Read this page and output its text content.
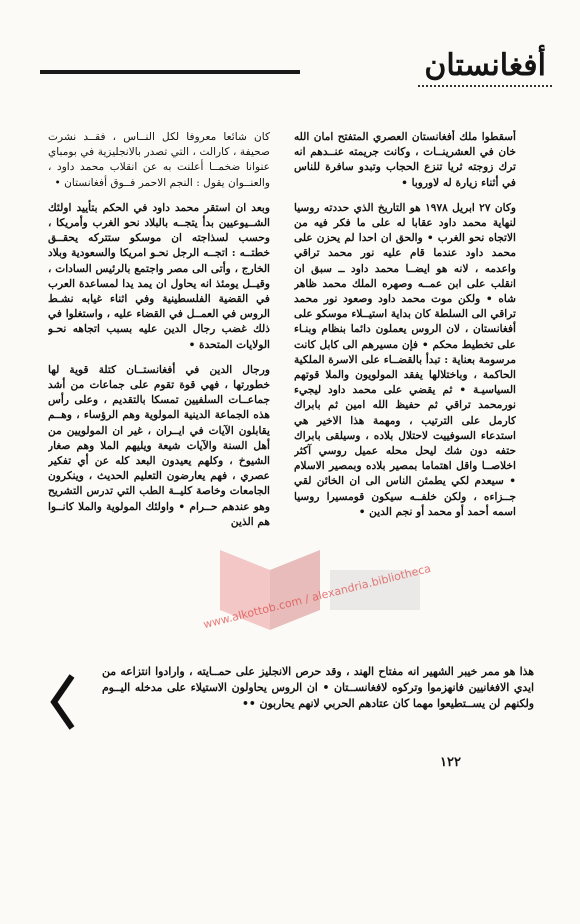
أفغانستان

كان شائعا معروفا لكل النــاس ، فقــد نشرت صحيفة ، كارالت ، التي تصدر بالانجليزية في بومباي عنوانا ضخمــا أعلنت به عن انقلاب محمد داود ، والعنــوان يقول : النجم الاحمر فــوق أفغانستان •

وبعد ان استقر محمد داود في الحكم بتأييد اولئك الشــيوعيين بدأ يتجــه بالبلاد نحو الغرب وأمريكا ، وحسب لسذاجته ان موسكو ستتركه يحقــق خطتــه : اتجــه الرجل نحـو امريكا والسعودية وبلاد الخارج ، وأتى الى مصر واجتمع بالرئيس السادات ، وقيــل يومئذ انه يحاول ان يمد يدا لمساعدة العرب في القضية الفلسطينية وفي اثناء غيابه نشـط الروس في العمــل في القضاء عليه ، واستغلوا في ذلك غضب رجال الدين عليه بسبب اتجاهه نحـو الولايات المتحدة •

ورجال الدين في أفغانستــان كتلة قوية لها خطورتها ، فهي قوة تقوم على جماعات من أشد جماعــات السلفيين تمسكا بالتقديم ، وعلى رأس هذه الجماعة الدينية المولوية وهم الرؤساء ، وهــم يقابلون الآيات في ايــران ، غير ان المولويين من أهل السنة والآيات شيعة ويليهم الملا وهم صغار الشيوخ ، وكلهم يعيدون البعد كله عن أي تفكير عصري ، فهم يعارضون التعليم الحديث ، وينكرون الجامعات وخاصة كليــة الطب التي تدرس التشريح وهو عندهم حــرام • واولئك المولوية والملا كانــوا هم الذين

أسقطوا ملك أفغانستان العصري المتفتح امان الله خان في العشرينــات ، وكانت جريمته عنــدهم انه ترك زوجته ثريا تنزع الحجاب وتبدو سافرة للناس في أثناء زيارة له لاوروبا •

وكان ٢٧ ابريل ١٩٧٨ هو التاريخ الذي حددته روسيا لنهاية محمد داود عقابا له على ما فكر فيه من الاتجاه نحو الغرب • والحق ان احدا لم يحزن على محمد داود عندما قام عليه نور محمد تراقي واعدمه ، لانه هو ايضــا محمد داود ــ سبق ان انقلب على ابن عمــه وصهره الملك محمد ظاهر شاه • ولكن موت محمد داود وصعود نور محمد تراقي الى السلطة كان بداية استيــلاء موسكو على أفغانستان ، لان الروس يعملون دائما بنظام وبنـاء على تخطيط محكم • فإن مسيرهم الى كابل كانت مرسومة بعناية : تبدأ بالقضــاء على الاسرة الملكية الحاكمة ، وباختلالها يفقد المولويون والملا قوتهم السياسيـة • ثم يقضي على محمد داود ليجيء نورمحمد تراقي ثم حفيظ الله امين ثم بابراك كارمل على الترتيب ، ومهمة هذا الاخير هي استدعاء السوفييت لاحتلال بلاده ، وسيلقى بابراك حتفه دون شك ليحل محله عميل روسي آكثر اخلاصــا واقل اهتماما بمصير بلاده وبمصير الاسلام • سيعدم لكي يطمئن الناس الى ان الخائن لقي جــزاءه ، ولكن خلفــه سيكون قومسيرا روسيا اسمه أحمد أو محمد أو نجم الدين •

www.alkottob.com / alexandria.bibliotheca
هذا هو ممر خيبر الشهير انه مفتاح الهند ، وقد حرص الانجليز على حمــايته ، وارادوا انتزاعه من ايدي الافغانيين فانهزموا وتركوه لافغانســتان • ان الروس يحاولون الاستيلاء على مدخله اليــوم ولكنهم لن يســتطيعوا مهما كان عتادهم الحربي لانهم يحاربون ••
١٢٢
